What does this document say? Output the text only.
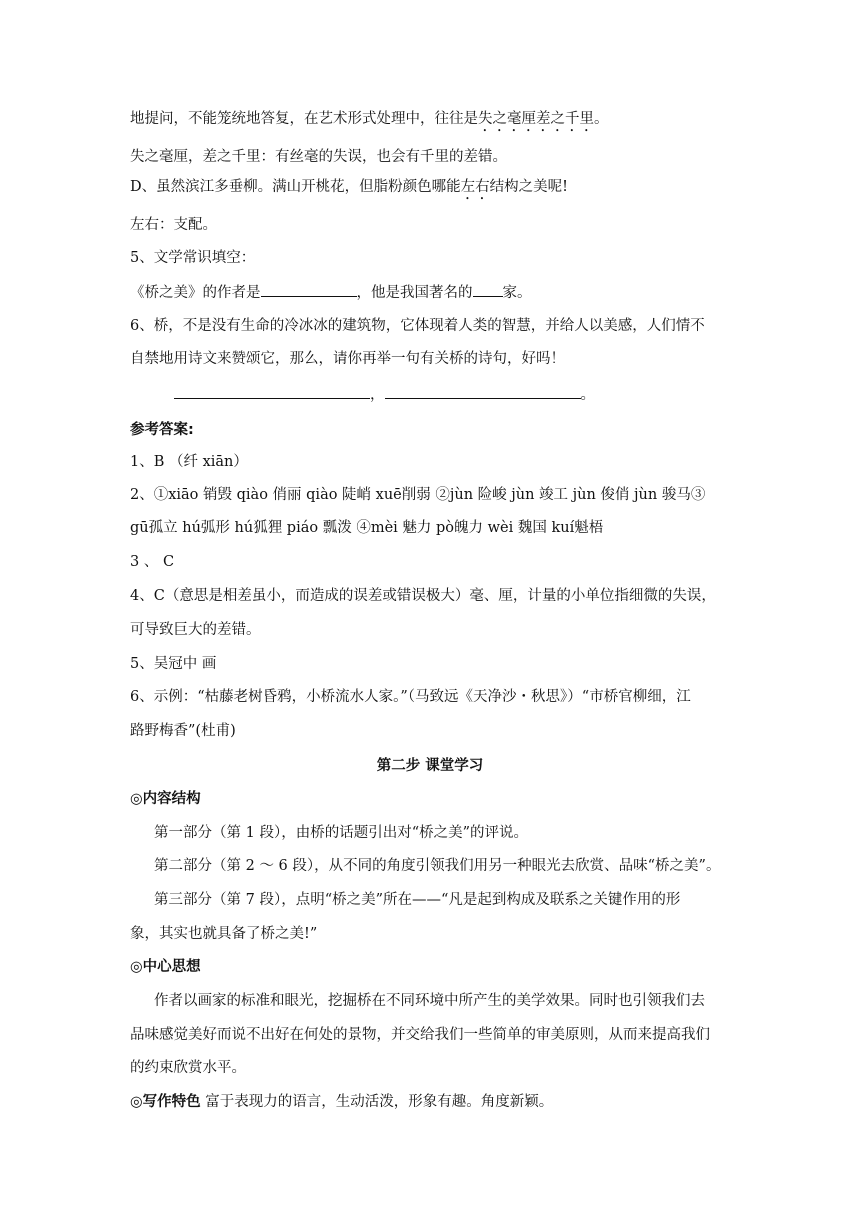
地提问，不能笼统地答复，在艺术形式处理中，往往是失之毫厘差之千里。
失之毫厘，差之千里：有丝毫的失误，也会有千里的差错。
D、虽然滨江多垂柳。满山开桃花，但脂粉颜色哪能左右结构之美呢!
左右：支配。
5、文学常识填空：
《桥之美》的作者是	，他是我国著名的 家。
6、桥，不是没有生命的冷冰冰的建筑物，它体现着人类的智慧，并给人以美感，人们情不
自禁地用诗文来赞颂它，那么，请你再举一句有关桥的诗句，好吗！
，	。
参考答案:
1、B （纤 xiān）
2、①xiāo 销毁 qiào 俏丽 qiào 陡峭 xuē削弱 ②jùn 险峻 jùn 竣工 jùn 俊俏 jùn 骏马③
gū孤立 hú弧形 hú狐狸 piáo 瓢泼 ④mèi 魅力 pò魄力 wèi 魏国 kuí魁梧
3 、 C
4、C（意思是相差虽小，而造成的误差或错误极大）毫、厘，计量的小单位指细微的失误，
可导致巨大的差错。
5、吴冠中 画
6、示例：“枯藤老树昏鸦，小桥流水人家。”（马致远《天净沙・秋思》）“市桥官柳细，江
路野梅香”(杜甫)
第二步 课堂学习
◎内容结构
第一部分（第 1 段），由桥的话题引出对“桥之美”的评说。
第二部分（第 2 ～ 6 段），从不同的角度引领我们用另一种眼光去欣赏、品味“桥之美”。
第三部分（第 7 段），点明“桥之美”所在——“凡是起到构成及联系之关键作用的形
象，其实也就具备了桥之美!”
◎中心思想
作者以画家的标准和眼光，挖掘桥在不同环境中所产生的美学效果。同时也引领我们去
品味感觉美好而说不出好在何处的景物，并交给我们一些简单的审美原则，从而来提高我们
的约束欣赏水平。
◎写作特色 富于表现力的语言，生动活泼，形象有趣。角度新颖。
